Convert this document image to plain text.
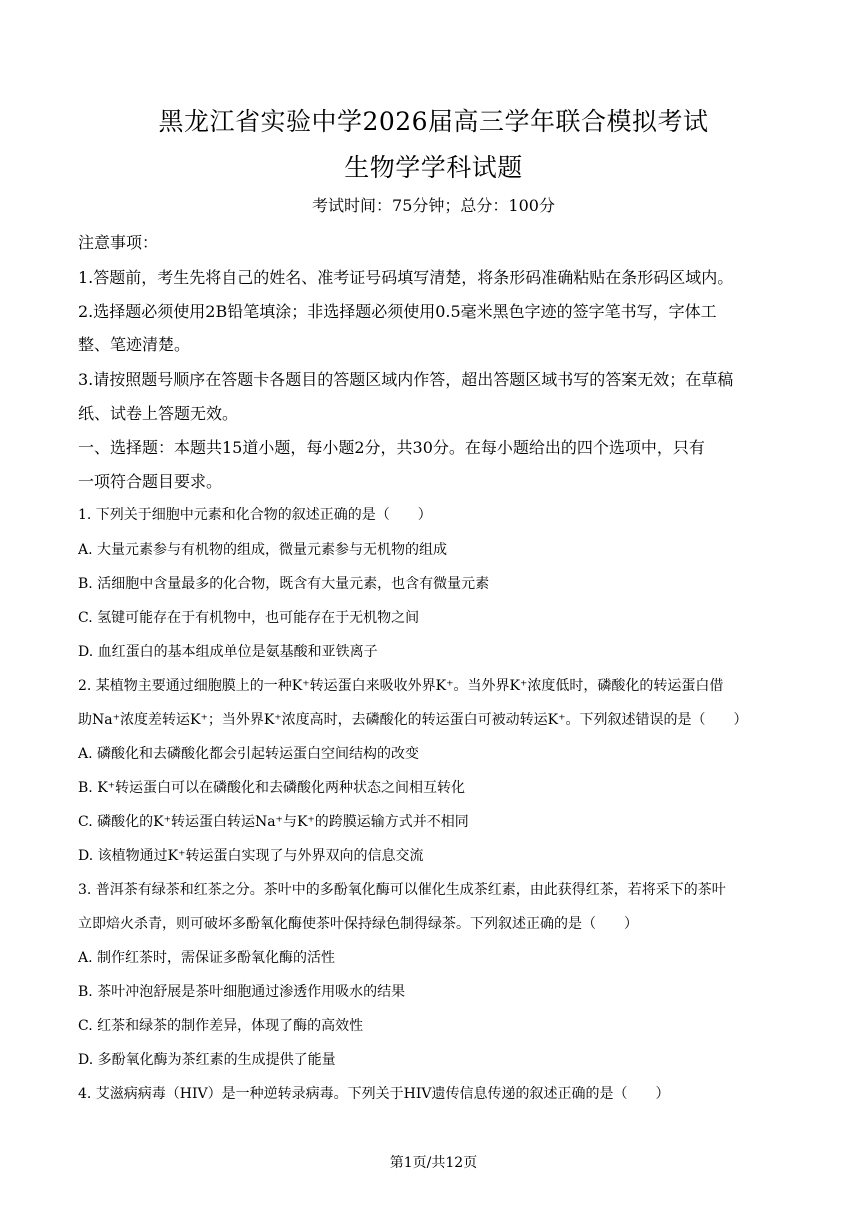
黑龙江省实验中学2026届高三学年联合模拟考试
生物学学科试题
考试时间：75分钟；总分：100分
注意事项：
1.答题前，考生先将自己的姓名、准考证号码填写清楚，将条形码准确粘贴在条形码区域内。
2.选择题必须使用2B铅笔填涂；非选择题必须使用0.5毫米黑色字迹的签字笔书写，字体工
整、笔迹清楚。
3.请按照题号顺序在答题卡各题目的答题区域内作答，超出答题区域书写的答案无效；在草稿
纸、试卷上答题无效。
一、选择题：本题共15道小题，每小题2分，共30分。在每小题给出的四个选项中，只有
一项符合题目要求。
1. 下列关于细胞中元素和化合物的叙述正确的是（　　）
A. 大量元素参与有机物的组成，微量元素参与无机物的组成
B. 活细胞中含量最多的化合物，既含有大量元素，也含有微量元素
C. 氢键可能存在于有机物中，也可能存在于无机物之间
D. 血红蛋白的基本组成单位是氨基酸和亚铁离子
2. 某植物主要通过细胞膜上的一种K⁺转运蛋白来吸收外界K⁺。当外界K⁺浓度低时，磷酸化的转运蛋白借
助Na⁺浓度差转运K⁺；当外界K⁺浓度高时，去磷酸化的转运蛋白可被动转运K⁺。下列叙述错误的是（　　）
A. 磷酸化和去磷酸化都会引起转运蛋白空间结构的改变
B. K⁺转运蛋白可以在磷酸化和去磷酸化两种状态之间相互转化
C. 磷酸化的K⁺转运蛋白转运Na⁺与K⁺的跨膜运输方式并不相同
D. 该植物通过K⁺转运蛋白实现了与外界双向的信息交流
3. 普洱茶有绿茶和红茶之分。茶叶中的多酚氧化酶可以催化生成茶红素，由此获得红茶，若将采下的茶叶
立即焙火杀青，则可破坏多酚氧化酶使茶叶保持绿色制得绿茶。下列叙述正确的是（　　）
A. 制作红茶时，需保证多酚氧化酶的活性
B. 茶叶冲泡舒展是茶叶细胞通过渗透作用吸水的结果
C. 红茶和绿茶的制作差异，体现了酶的高效性
D. 多酚氧化酶为茶红素的生成提供了能量
4. 艾滋病病毒（HIV）是一种逆转录病毒。下列关于HIV遗传信息传递的叙述正确的是（　　）
第1页/共12页
